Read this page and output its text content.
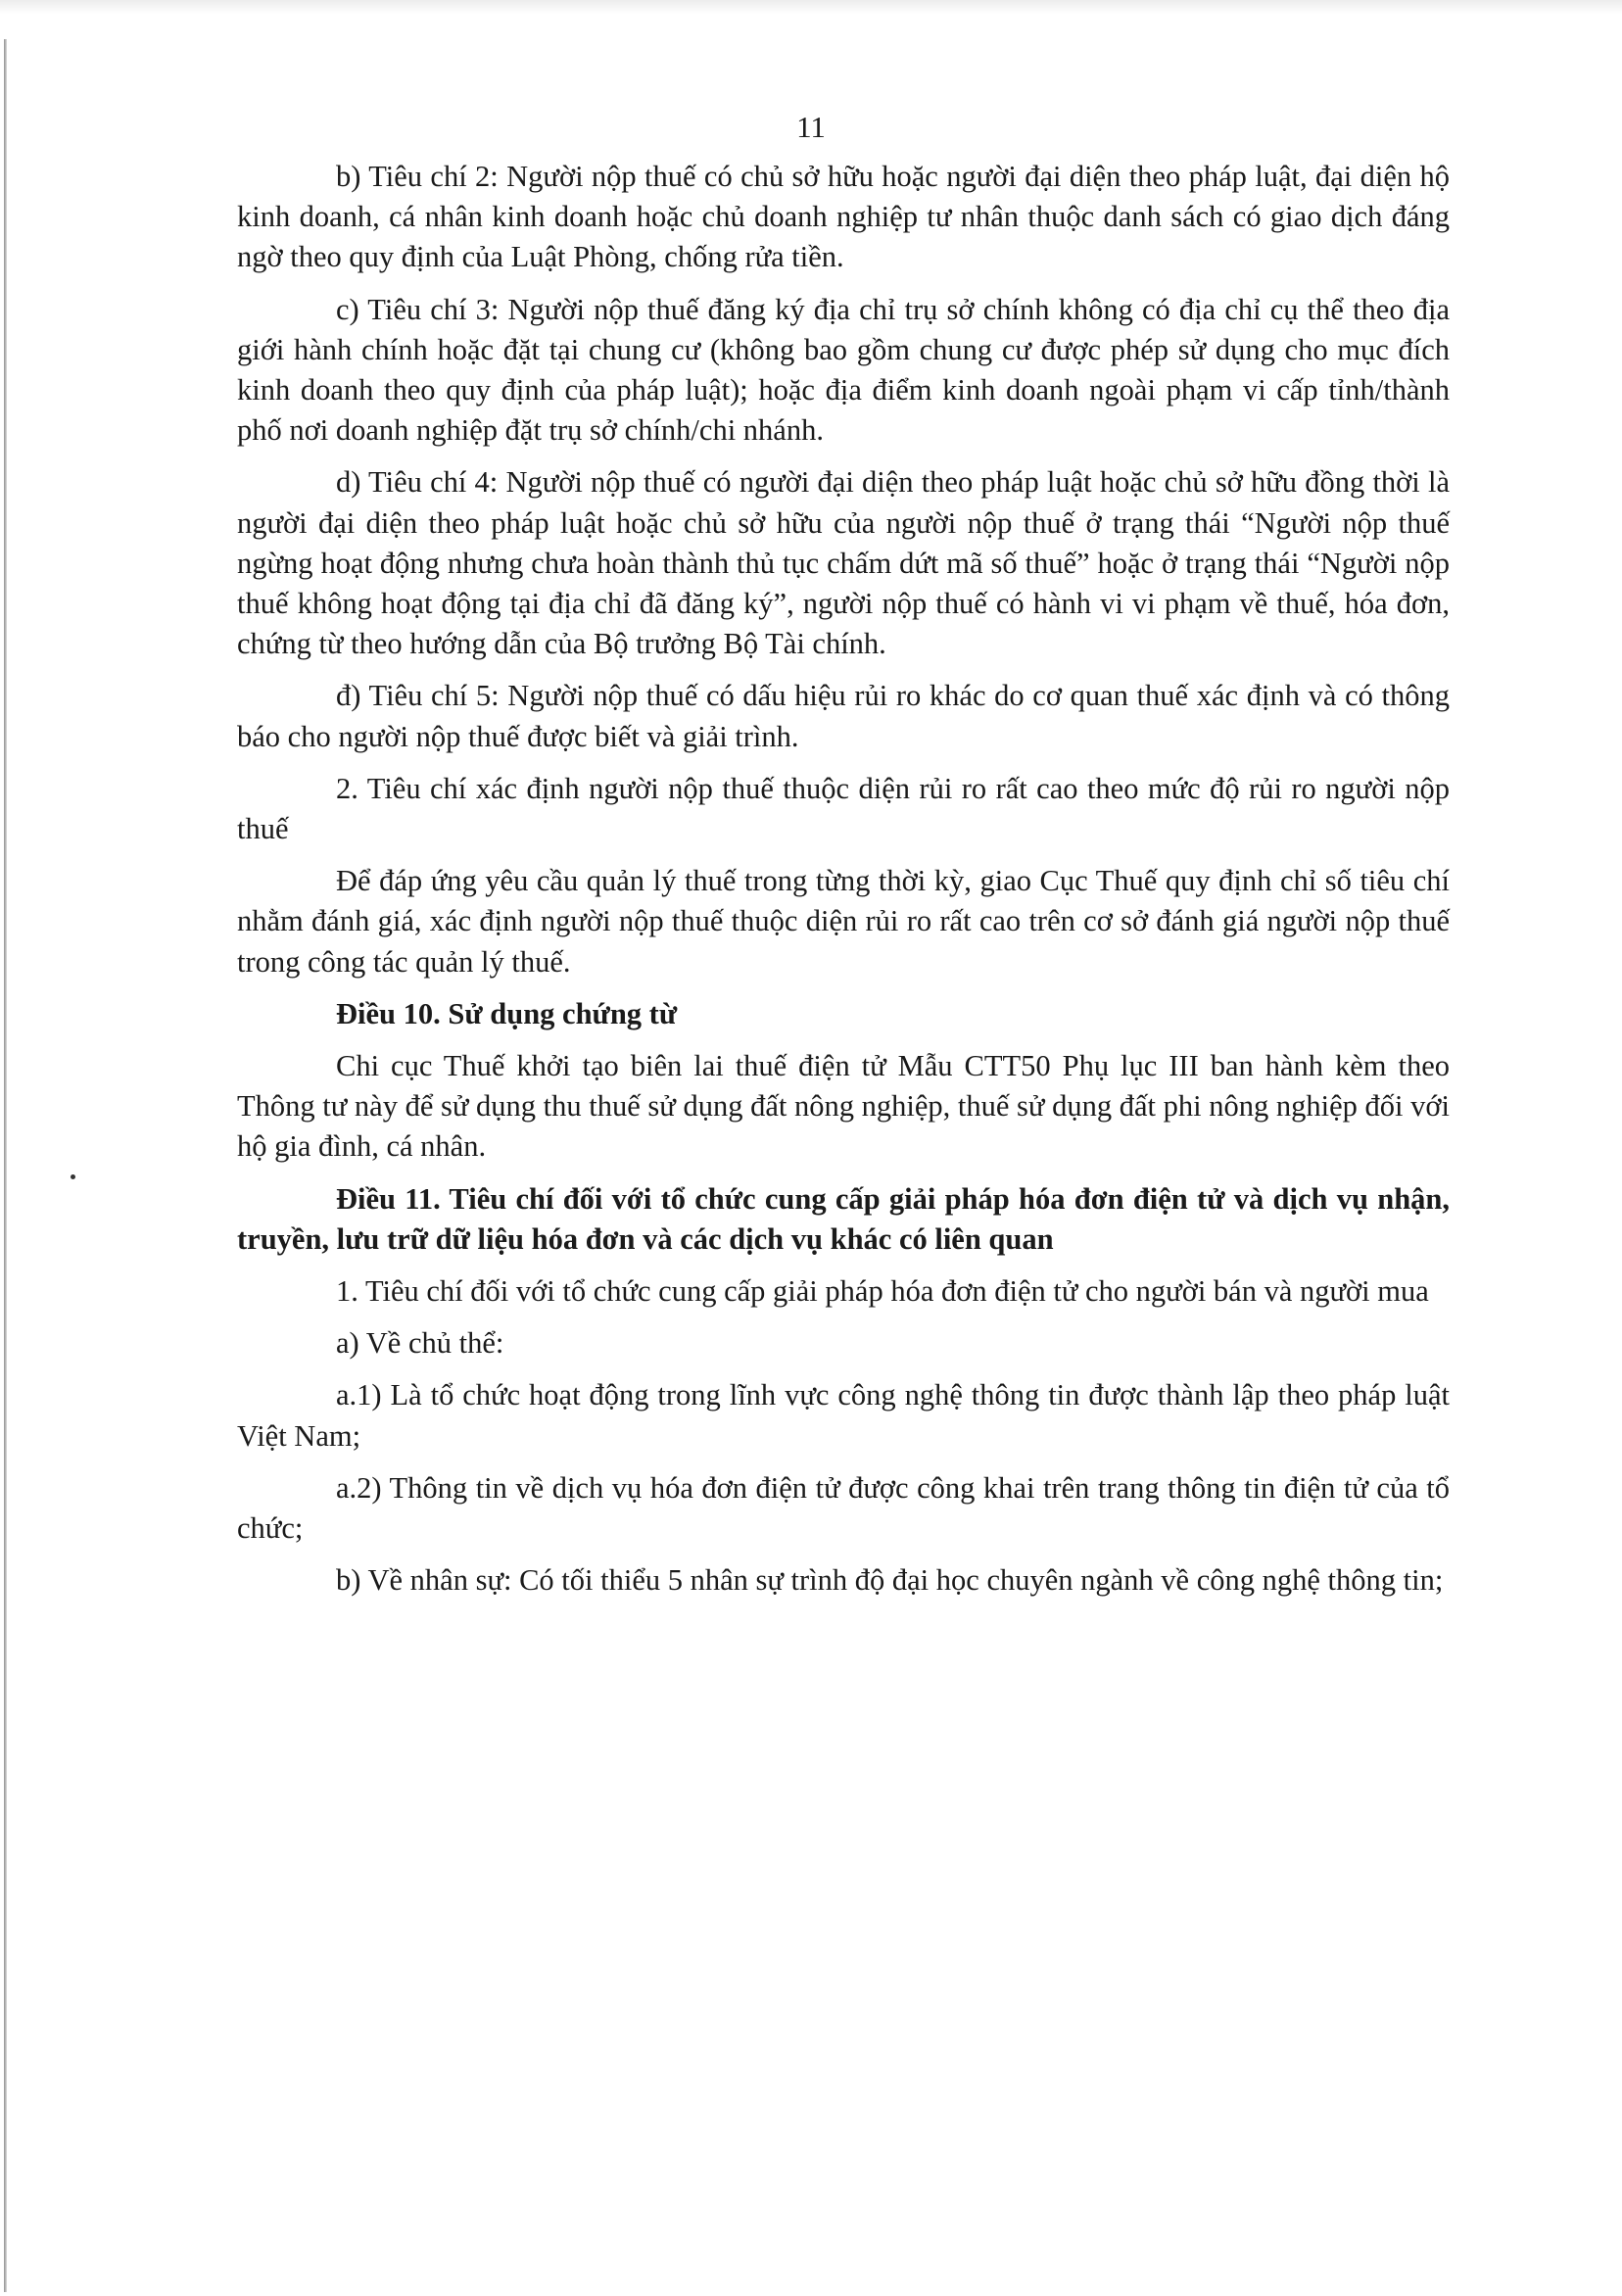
11

b) Tiêu chí 2: Người nộp thuế có chủ sở hữu hoặc người đại diện theo pháp luật, đại diện hộ kinh doanh, cá nhân kinh doanh hoặc chủ doanh nghiệp tư nhân thuộc danh sách có giao dịch đáng ngờ theo quy định của Luật Phòng, chống rửa tiền.

c) Tiêu chí 3: Người nộp thuế đăng ký địa chỉ trụ sở chính không có địa chỉ cụ thể theo địa giới hành chính hoặc đặt tại chung cư (không bao gồm chung cư được phép sử dụng cho mục đích kinh doanh theo quy định của pháp luật); hoặc địa điểm kinh doanh ngoài phạm vi cấp tỉnh/thành phố nơi doanh nghiệp đặt trụ sở chính/chi nhánh.

d) Tiêu chí 4: Người nộp thuế có người đại diện theo pháp luật hoặc chủ sở hữu đồng thời là người đại diện theo pháp luật hoặc chủ sở hữu của người nộp thuế ở trạng thái “Người nộp thuế ngừng hoạt động nhưng chưa hoàn thành thủ tục chấm dứt mã số thuế” hoặc ở trạng thái “Người nộp thuế không hoạt động tại địa chỉ đã đăng ký”, người nộp thuế có hành vi vi phạm về thuế, hóa đơn, chứng từ theo hướng dẫn của Bộ trưởng Bộ Tài chính.

đ) Tiêu chí 5: Người nộp thuế có dấu hiệu rủi ro khác do cơ quan thuế xác định và có thông báo cho người nộp thuế được biết và giải trình.

2. Tiêu chí xác định người nộp thuế thuộc diện rủi ro rất cao theo mức độ rủi ro người nộp thuế

Để đáp ứng yêu cầu quản lý thuế trong từng thời kỳ, giao Cục Thuế quy định chỉ số tiêu chí nhằm đánh giá, xác định người nộp thuế thuộc diện rủi ro rất cao trên cơ sở đánh giá người nộp thuế trong công tác quản lý thuế.

Điều 10. Sử dụng chứng từ

Chi cục Thuế khởi tạo biên lai thuế điện tử Mẫu CTT50 Phụ lục III ban hành kèm theo Thông tư này để sử dụng thu thuế sử dụng đất nông nghiệp, thuế sử dụng đất phi nông nghiệp đối với hộ gia đình, cá nhân.

Điều 11. Tiêu chí đối với tổ chức cung cấp giải pháp hóa đơn điện tử và dịch vụ nhận, truyền, lưu trữ dữ liệu hóa đơn và các dịch vụ khác có liên quan

1. Tiêu chí đối với tổ chức cung cấp giải pháp hóa đơn điện tử cho người bán và người mua

a) Về chủ thể:

a.1) Là tổ chức hoạt động trong lĩnh vực công nghệ thông tin được thành lập theo pháp luật Việt Nam;

a.2) Thông tin về dịch vụ hóa đơn điện tử được công khai trên trang thông tin điện tử của tổ chức;

b) Về nhân sự: Có tối thiểu 5 nhân sự trình độ đại học chuyên ngành về công nghệ thông tin;
